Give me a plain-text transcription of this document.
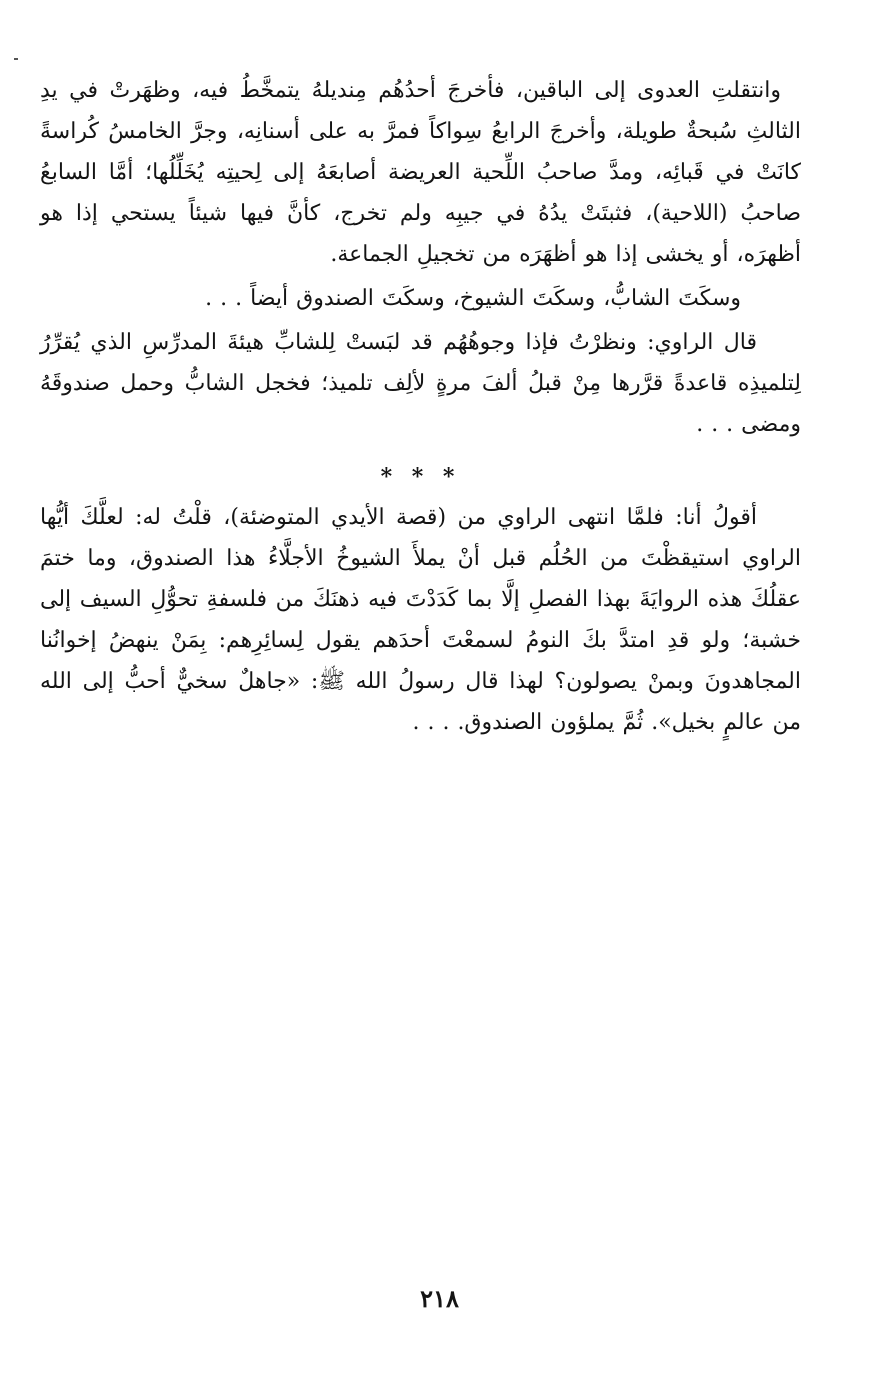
وانتقلتِ العدوى إلى الباقين، فأخرجَ أحدُهُم مِنديلهُ يتمخَّطُ فيه، وظهَرتْ في يدِ الثالثِ سُبحةٌ طويلة، وأخرجَ الرابعُ سِواكاً فمرَّ به على أسنانِه، وجرَّ الخامسُ كُراسةً كانَتْ في قَبائِه، ومدَّ صاحبُ اللِّحية العريضة أصابعَهُ إلى لِحيتِه يُخَلِّلُها؛ أمَّا السابعُ صاحبُ (اللاحية)، فثبتَتْ يدُهُ في جيبِه ولم تخرج، كأنَّ فيها شيئاً يستحي إذا هو أظهرَه، أو يخشى إذا هو أظهَرَه من تخجيلِ الجماعة.

وسكَتَ الشابُّ، وسكَتَ الشيوخ، وسكَتَ الصندوق أيضاً . . .

قال الراوي: ونظرْتُ فإذا وجوهُهُم قد لبَستْ لِلشابِّ هيئةَ المدرِّسِ الذي يُقرِّرُ لِتلميذِه قاعدةً قرَّرها مِنْ قبلُ ألفَ مرةٍ لألِف تلميذ؛ فخجل الشابُّ وحمل صندوقَهُ ومضى . . .

* * *

أقولُ أنا: فلمَّا انتهى الراوي من (قصة الأيدي المتوضئة)، قلْتُ له: لعلَّكَ أيُّها الراوي استيقظْتَ من الحُلُم قبل أنْ يملأَ الشيوخُ الأجلَّاءُ هذا الصندوق، وما ختمَ عقلُكَ هذه الروايَةَ بهذا الفصلِ إلَّا بما كَدَدْتَ فيه ذهنَكَ من فلسفةِ تحوُّلِ السيف إلى خشبة؛ ولو قدِ امتدَّ بكَ النومُ لسمعْتَ أحدَهم يقول لِسائِرِهم: بِمَنْ ينهضُ إخوانُنا المجاهدونَ وبمنْ يصولون؟ لهذا قال رسولُ الله ﷺ: «جاهلٌ سخيٌّ أحبُّ إلى الله من عالمٍ بخيل». ثُمَّ يملؤون الصندوق. . . .

٢١٨
